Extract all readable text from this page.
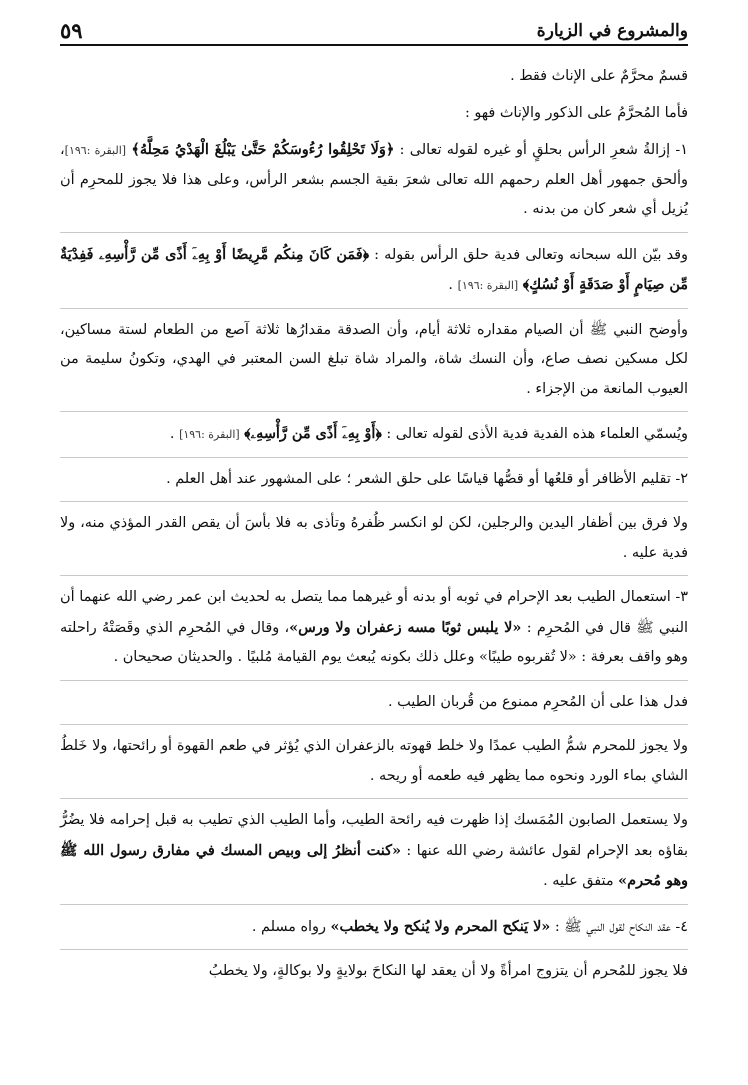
والمشروع في الزيارة
٥٩

قسمٌ محرَّمٌ على الإناث فقط .

فأما المُحرَّمُ على الذكور والإناث فهو :

١- إزالةُ شعرِ الرأس بحلقٍ أو غيره لقوله تعالى : ﴿وَلَا تَحْلِقُوا رُءُوسَكُمْ حَتَّىٰ يَبْلُغَ الْهَدْيُ مَحِلَّهُ﴾ [البقرة :١٩٦]، وألحق جمهور أهل العلم رحمهم الله تعالى شعرَ بقية الجسم بشعر الرأس، وعلى هذا فلا يجوز للمحرِم أن يُزيل أي شعر كان من بدنه .

وقد بيّن الله سبحانه وتعالى فدية حلق الرأس بقوله : ﴿فَمَن كَانَ مِنكُم مَّرِيضًا أَوْ بِهِۦٓ أَذًى مِّن رَّأْسِهِۦ فَفِدْيَةٌ مِّن صِيَامٍ أَوْ صَدَقَةٍ أَوْ نُسُكٍ﴾ [البقرة :١٩٦] .

وأوضح النبي ﷺ أن الصيام مقداره ثلاثة أيام، وأن الصدقة مقدارُها ثلاثة آصع من الطعام لستة مساكين، لكل مسكين نصف صاع، وأن النسك شاة، والمراد شاة تبلغ السن المعتبر في الهدي، وتكونُ سليمة من العيوب المانعة من الإجزاء .

ويُسمّي العلماء هذه الفدية فدية الأذى لقوله تعالى : ﴿أَوْ بِهِۦٓ أَذًى مِّن رَّأْسِهِۦ﴾ [البقرة :١٩٦] .

٢- تقليم الأظافر أو قلعُها أو قصُّها قياسًا على حلق الشعر ؛ على المشهور عند أهل العلم .

ولا فرق بين أظفار اليدين والرجلين، لكن لو انكسر ظُفرهُ وتأذى به فلا بأسَ أن يقص القدر المؤذي منه، ولا فدية عليه .

٣- استعمال الطيب بعد الإحرام في ثوبه أو بدنه أو غيرهما مما يتصل به لحديث ابن عمر رضي الله عنهما أن النبي ﷺ قال في المُحرِم : «لا يلبس ثوبًا مسه زعفران ولا ورس»، وقال في المُحرِم الذي وقَصَتْهُ راحلته وهو واقف بعرفة : «لا تُقربوه طيبًا» وعلل ذلك بكونه يُبعث يوم القيامة مُلبيًا . والحديثان صحيحان .

فدل هذا على أن المُحرِم ممنوع من قُربان الطيب .

ولا يجوز للمحرم شمُّ الطيب عمدًا ولا خلط قهوته بالزعفران الذي يُؤثر في طعم القهوة أو رائحتها، ولا خَلطُ الشاي بماء الورد ونحوه مما يظهر فيه طعمه أو ريحه .

ولا يستعمل الصابون المُمَسك إذا ظهرت فيه رائحة الطيب، وأما الطيب الذي تطيب به قبل إحرامه فلا يضُرُّ بقاؤه بعد الإحرام لقول عائشة رضي الله عنها : «كنت أنظرُ إلى وبيص المسك في مفارق رسول الله ﷺ وهو مُحرم» متفق عليه .

٤- عقد النكاح لقول النبي ﷺ : «لا يَنكح المحرم ولا يُنكح ولا يخطب» رواه مسلم .

فلا يجوز للمُحرم أن يتزوج امرأةً ولا أن يعقد لها النكاحَ بولايةٍ ولا بوكالةٍ، ولا يخطبُ
